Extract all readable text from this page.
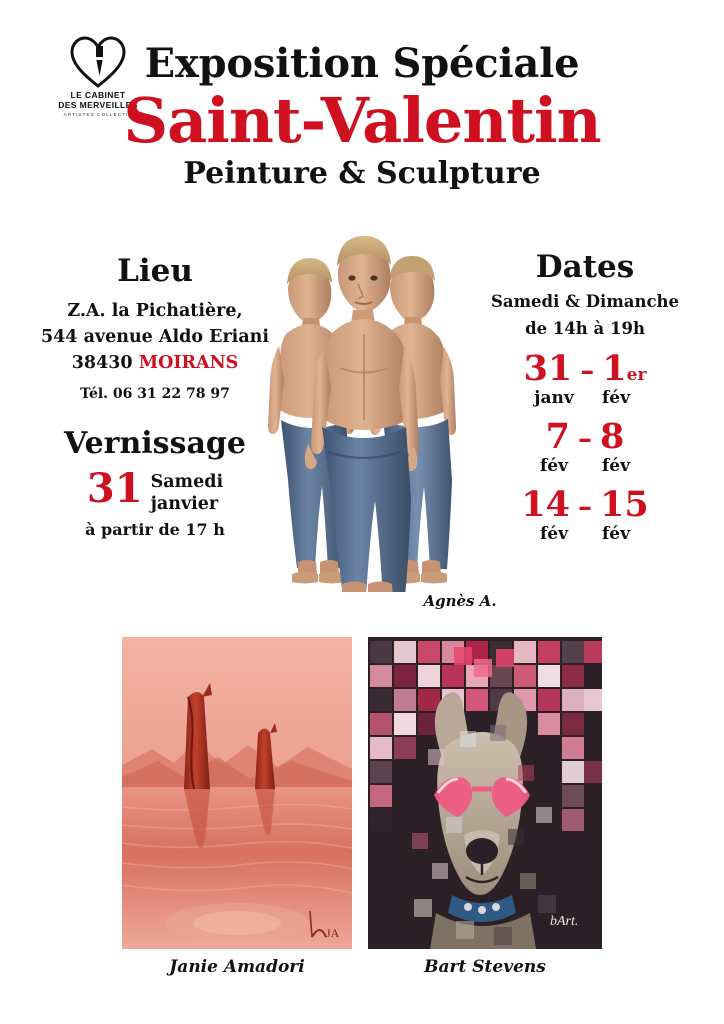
LE CABINET
DES MERVEILLES
ARTISTES COLLECTIF
Exposition Spéciale
Saint-Valentin
Peinture & Sculpture
Lieu
Z.A. la Pichatière,
544 avenue Aldo Eriani
38430 MOIRANS
Tél. 06 31 22 78 97
Vernissage
31 Samedi
janvier
à partir de 17 h
Dates
Samedi & Dimanche
de 14h à 19h
31 – 1 er
janv	fév
7 – 8
fév	fév
14 – 15
fév	fév
Agnès A.
JA
bArt.
Janie Amadori	Bart Stevens
